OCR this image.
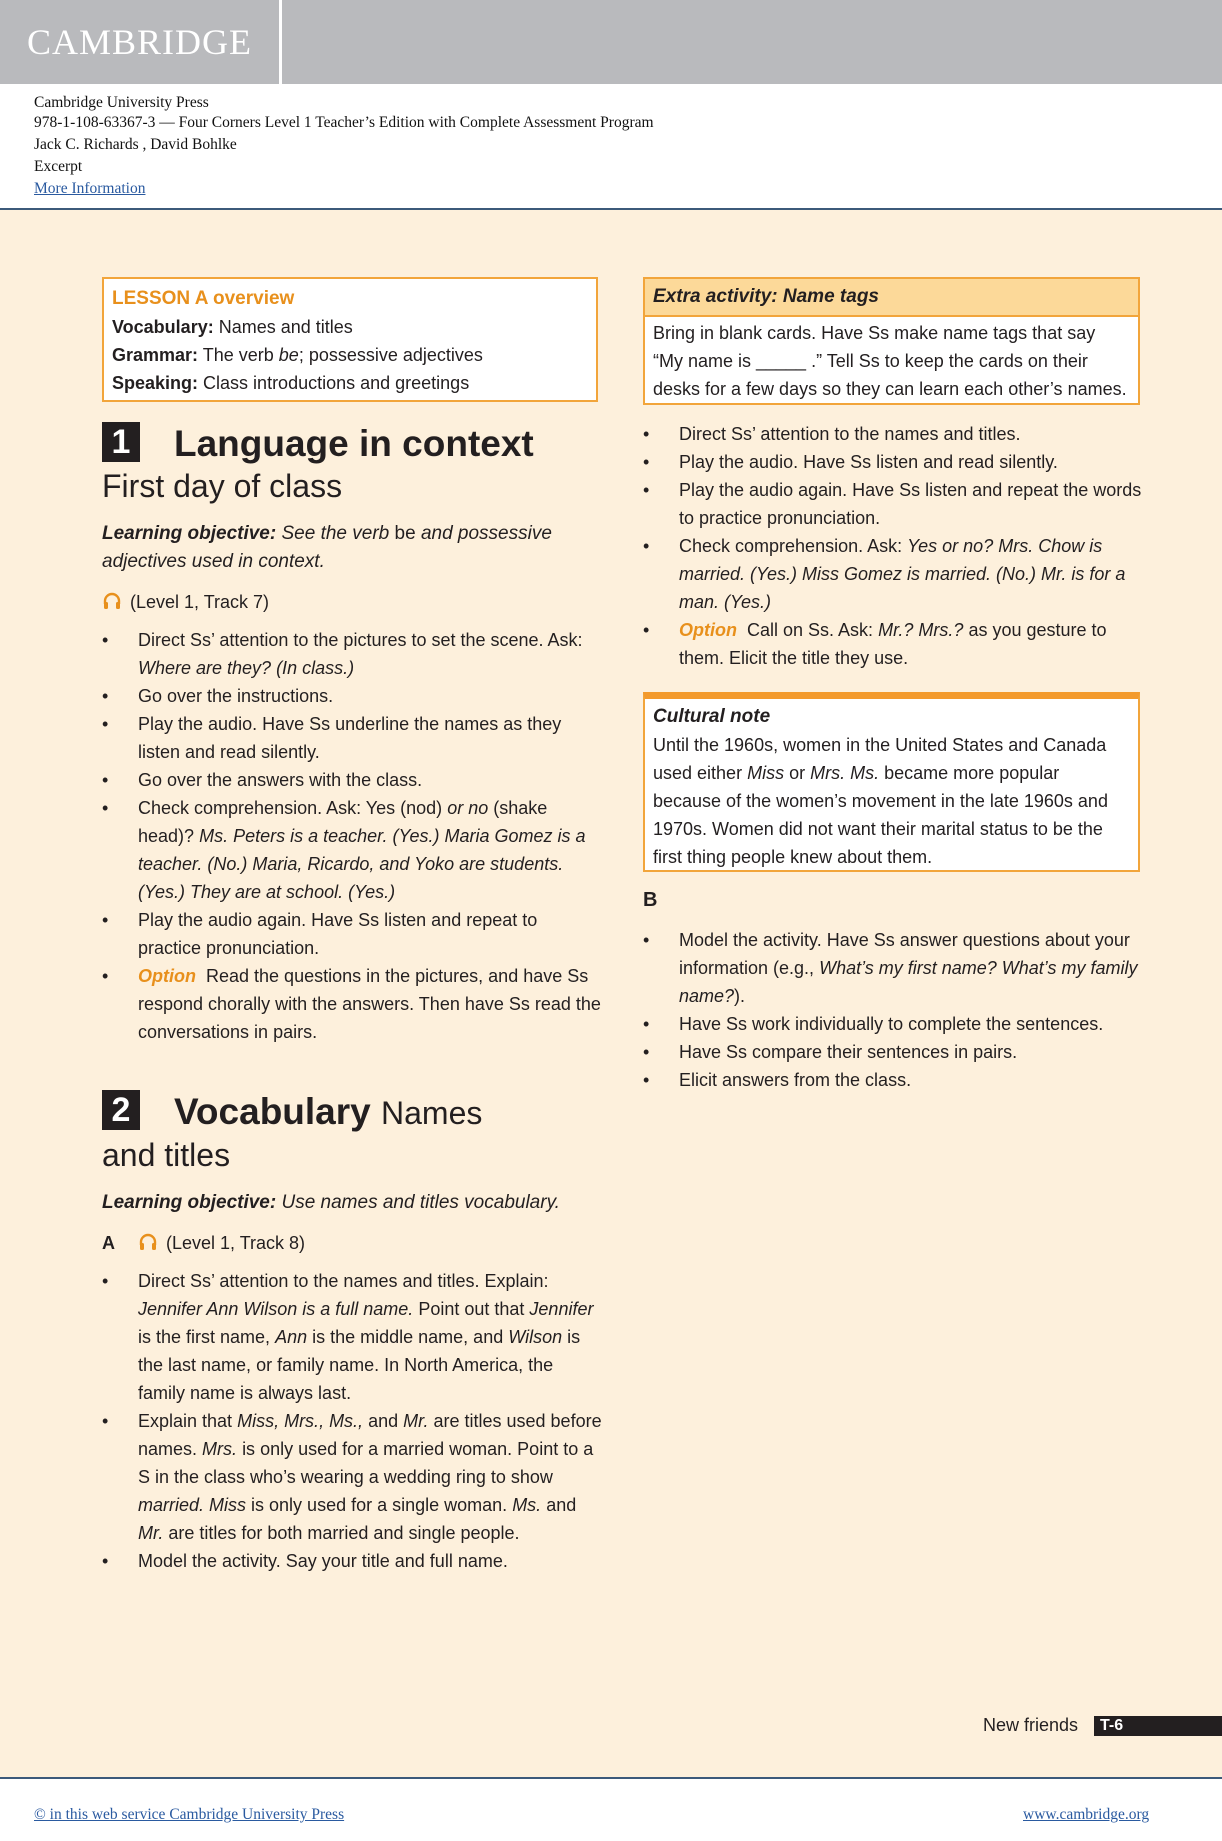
CAMBRIDGE
Cambridge University Press
978-1-108-63367-3 — Four Corners Level 1 Teacher’s Edition with Complete Assessment Program
Jack C. Richards , David Bohlke
Excerpt
More Information
LESSON A overview
Vocabulary: Names and titles
Grammar: The verb be; possessive adjectives
Speaking: Class introductions and greetings
1 Language in context
First day of class
Learning objective: See the verb be and possessive adjectives used in context.
(Level 1, Track 7)
• Direct Ss’ attention to the pictures to set the scene. Ask: Where are they? (In class.)
• Go over the instructions.
• Play the audio. Have Ss underline the names as they listen and read silently.
• Go over the answers with the class.
• Check comprehension. Ask: Yes (nod) or no (shake head)? Ms. Peters is a teacher. (Yes.) Maria Gomez is a teacher. (No.) Maria, Ricardo, and Yoko are students. (Yes.) They are at school. (Yes.)
• Play the audio again. Have Ss listen and repeat to practice pronunciation.
• Option Read the questions in the pictures, and have Ss respond chorally with the answers. Then have Ss read the conversations in pairs.
2 Vocabulary Names
and titles
Learning objective: Use names and titles vocabulary.
A	(Level 1, Track 8)
• Direct Ss’ attention to the names and titles. Explain: Jennifer Ann Wilson is a full name. Point out that Jennifer is the first name, Ann is the middle name, and Wilson is the last name, or family name. In North America, the family name is always last.
• Explain that Miss, Mrs., Ms., and Mr. are titles used before names. Mrs. is only used for a married woman. Point to a S in the class who’s wearing a wedding ring to show married. Miss is only used for a single woman. Ms. and Mr. are titles for both married and single people.
• Model the activity. Say your title and full name.
Extra activity: Name tags
Bring in blank cards. Have Ss make name tags that say “My name is _____ .” Tell Ss to keep the cards on their desks for a few days so they can learn each other’s names.
• Direct Ss’ attention to the names and titles.
• Play the audio. Have Ss listen and read silently.
• Play the audio again. Have Ss listen and repeat the words to practice pronunciation.
• Check comprehension. Ask: Yes or no? Mrs. Chow is married. (Yes.) Miss Gomez is married. (No.) Mr. is for a man. (Yes.)
• Option Call on Ss. Ask: Mr.? Mrs.? as you gesture to them. Elicit the title they use.
Cultural note
Until the 1960s, women in the United States and Canada used either Miss or Mrs. Ms. became more popular because of the women’s movement in the late 1960s and 1970s. Women did not want their marital status to be the first thing people knew about them.
B
• Model the activity. Have Ss answer questions about your information (e.g., What’s my first name? What’s my family name?).
• Have Ss work individually to complete the sentences.
• Have Ss compare their sentences in pairs.
• Elicit answers from the class.
New friends	T-6
© in this web service Cambridge University Press	www.cambridge.org
